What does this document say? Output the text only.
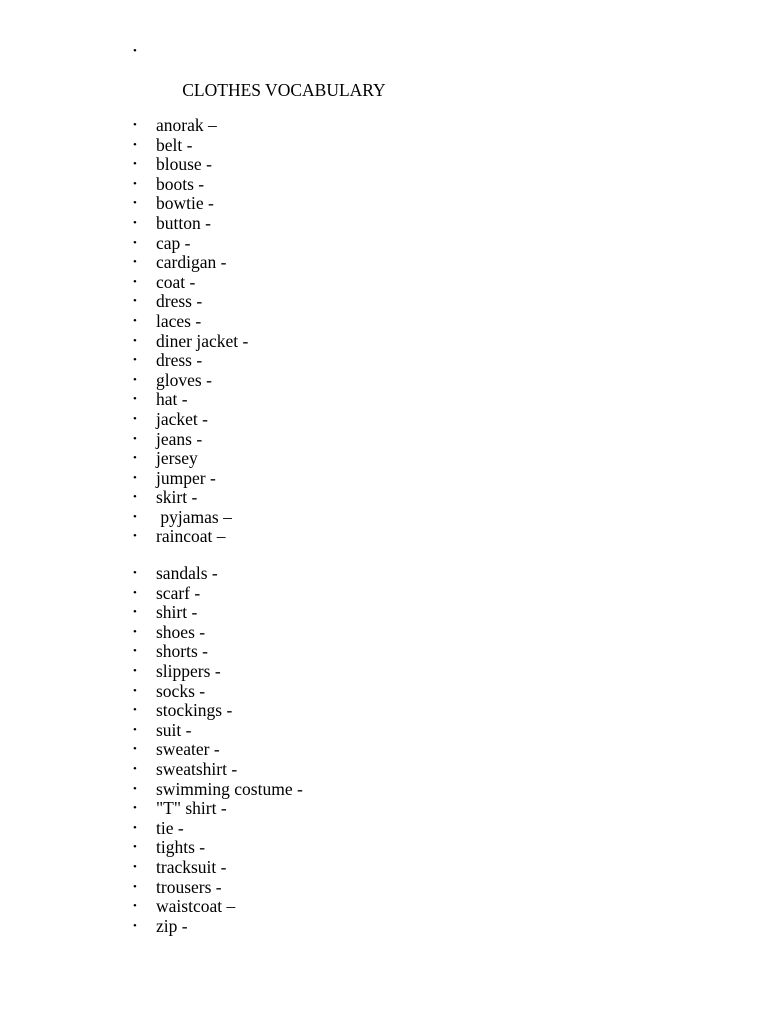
•

CLOTHES VOCABULARY

• anorak –
• belt -
• blouse -
• boots -
• bowtie -
• button -
• cap -
• cardigan -
• coat -
• dress -
• laces -
• diner jacket -
• dress -
• gloves -
• hat -
• jacket -
• jeans -
• jersey
• jumper -
• skirt -
• pyjamas –
• raincoat –
• sandals -
• scarf -
• shirt -
• shoes -
• shorts -
• slippers -
• socks -
• stockings -
• suit -
• sweater -
• sweatshirt -
• swimming costume -
• "T" shirt -
• tie -
• tights -
• tracksuit -
• trousers -
• waistcoat –
• zip -
